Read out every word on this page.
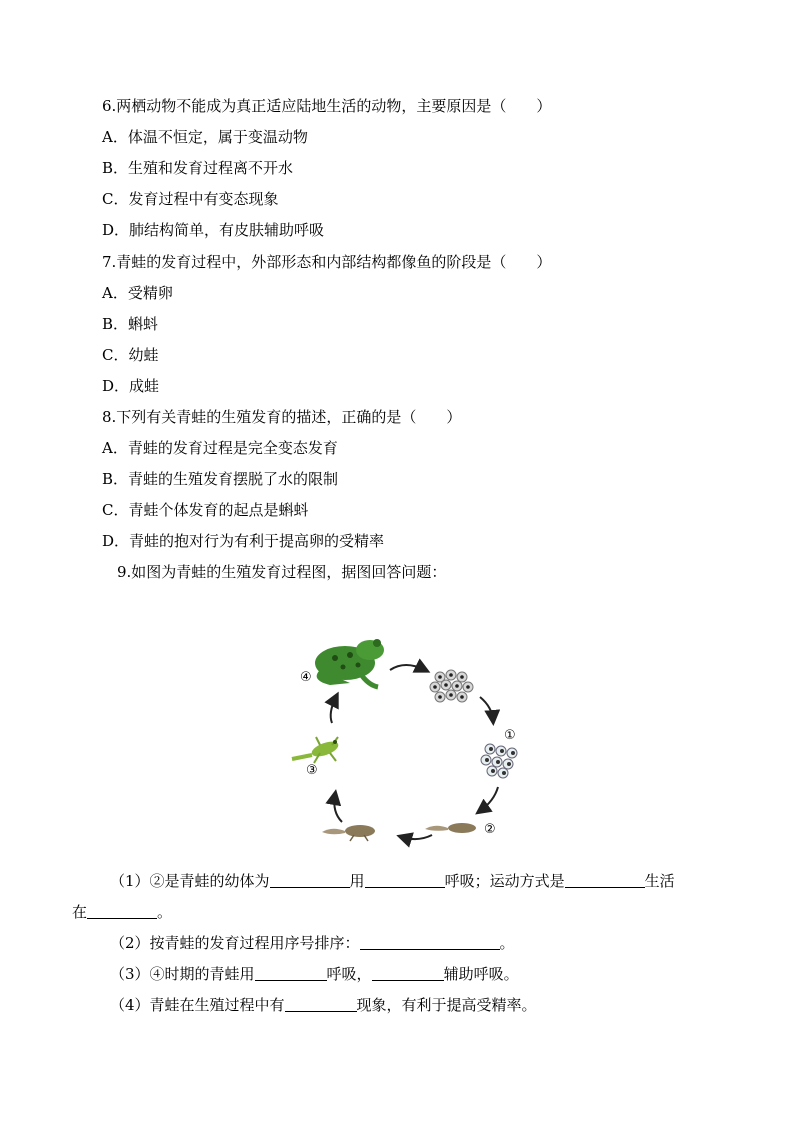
6.两栖动物不能成为真正适应陆地生活的动物，主要原因是（　　）
A．体温不恒定，属于变温动物
B．生殖和发育过程离不开水
C．发育过程中有变态现象
D．肺结构简单，有皮肤辅助呼吸
7.青蛙的发育过程中，外部形态和内部结构都像鱼的阶段是（　　）
A．受精卵
B．蝌蚪
C．幼蛙
D．成蛙
8.下列有关青蛙的生殖发育的描述，正确的是（　　）
A．青蛙的发育过程是完全变态发育
B．青蛙的生殖发育摆脱了水的限制
C．青蛙个体发育的起点是蝌蚪
D．青蛙的抱对行为有利于提高卵的受精率
9.如图为青蛙的生殖发育过程图，据图回答问题：
④
①
③
②
（1）②是青蛙的幼体为	用	呼吸；运动方式是	生活
在	。
（2）按青蛙的发育过程用序号排序：	。
（3）④时期的青蛙用	呼吸，	辅助呼吸。
（4）青蛙在生殖过程中有	现象，有利于提高受精率。
